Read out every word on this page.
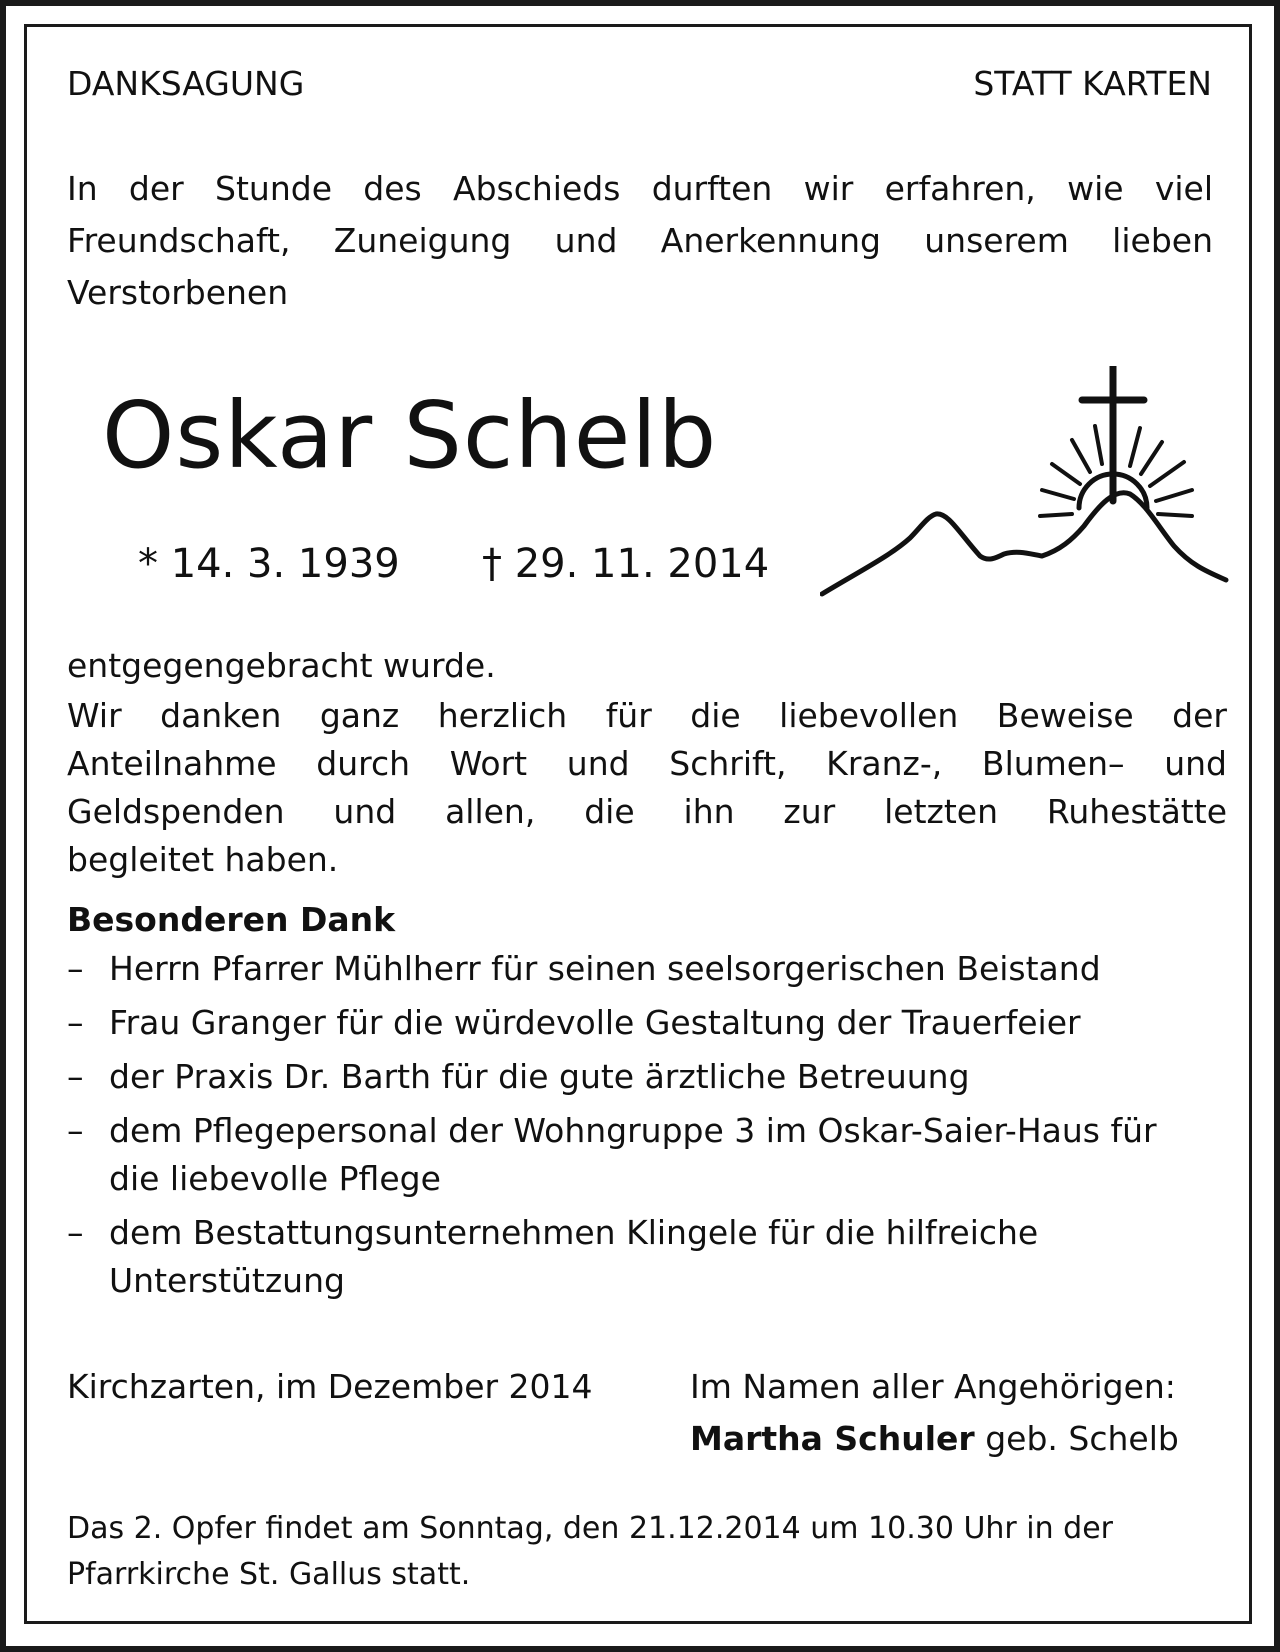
DANKSAGUNG	STATT KARTEN

In der Stunde des Abschieds durften wir erfahren, wie viel

Freundschaft, Zuneigung und Anerkennung unserem lieben

Verstorbenen

Oskar Schelb

* 14. 3. 1939 † 29. 11. 2014

entgegengebracht wurde.

Wir danken ganz herzlich für die liebevollen Beweise der

Anteilnahme durch Wort und Schrift, Kranz-, Blumen– und

Geldspenden und allen, die ihn zur letzten Ruhestätte

begleitet haben.

Besonderen Dank

– Herrn Pfarrer Mühlherr für seinen seelsorgerischen Beistand
– Frau Granger für die würdevolle Gestaltung der Trauerfeier
– der Praxis Dr. Barth für die gute ärztliche Betreuung
– dem Pflegepersonal der Wohngruppe 3 im Oskar-Saier-Haus für die liebevolle Pflege
– dem Bestattungsunternehmen Klingele für die hilfreiche Unterstützung

Kirchzarten, im Dezember 2014	Im Namen aller Angehörigen:

Martha Schuler geb. Schelb

Das 2. Opfer findet am Sonntag, den 21.12.2014 um 10.30 Uhr in der

Pfarrkirche St. Gallus statt.
